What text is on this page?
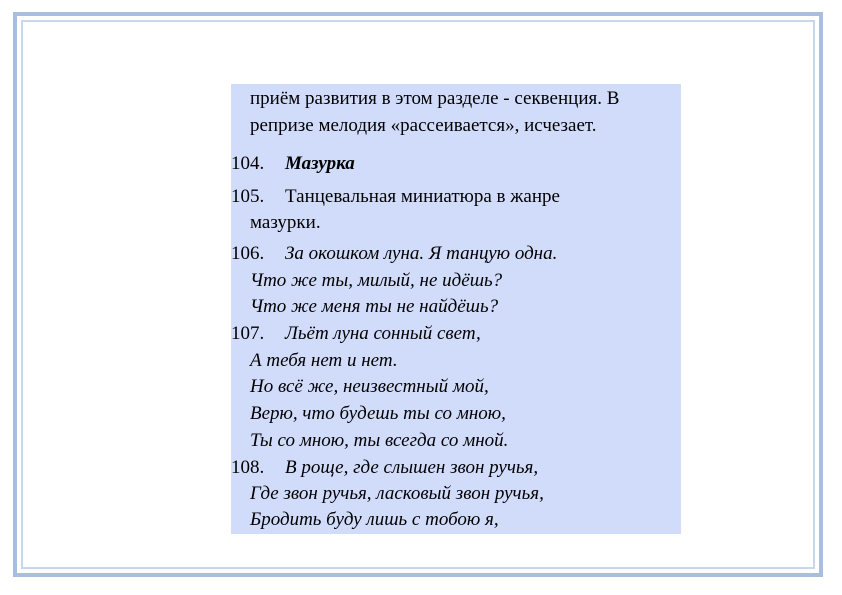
приём развития в этом разделе - секвенция. В
репризе мелодия «рассеивается», исчезает.
104. Мазурка
105. Танцевальная миниатюра в жанре
мазурки.
106. За окошком луна. Я танцую одна.
Что же ты, милый, не идёшь?
Что же меня ты не найдёшь?
107. Льёт луна сонный свет,
А тебя нет и нет.
Но всё же, неизвестный мой,
Верю, что будешь ты со мною,
Ты со мною, ты всегда со мной.
108. В роще, где слышен звон ручья,
Где звон ручья, ласковый звон ручья,
Бродить буду лишь с тобою я,
